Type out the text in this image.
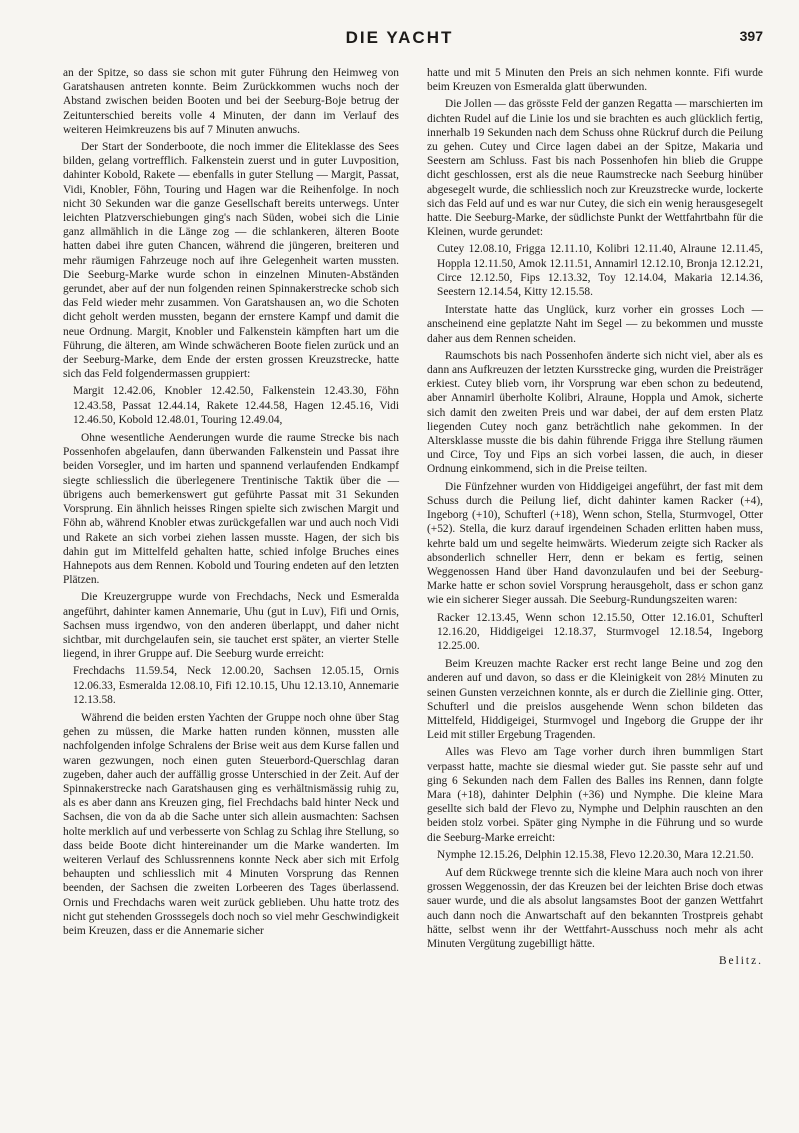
DIE YACHT	397

an der Spitze, so dass sie schon mit guter Führung den Heimweg von Garatshausen antreten konnte. Beim Zurückkommen wuchs noch der Abstand zwischen beiden Booten und bei der Seeburg-Boje betrug der Zeitunterschied bereits volle 4 Minuten, der dann im Verlauf des weiteren Heimkreuzens bis auf 7 Minuten anwuchs.

Der Start der Sonderboote, die noch immer die Eliteklasse des Sees bilden, gelang vortrefflich. Falkenstein zuerst und in guter Luvposition, dahinter Kobold, Rakete — ebenfalls in guter Stellung — Margit, Passat, Vidi, Knobler, Föhn, Touring und Hagen war die Reihenfolge. In noch nicht 30 Sekunden war die ganze Gesellschaft bereits unterwegs. Unter leichten Platzverschiebungen ging's nach Süden, wobei sich die Linie ganz allmählich in die Länge zog — die schlankeren, älteren Boote hatten dabei ihre guten Chancen, während die jüngeren, breiteren und mehr räumigen Fahrzeuge noch auf ihre Gelegenheit warten mussten. Die Seeburg-Marke wurde schon in einzelnen Minuten-Abständen gerundet, aber auf der nun folgenden reinen Spinnakerstrecke schob sich das Feld wieder mehr zusammen. Von Garatshausen an, wo die Schoten dicht geholt werden mussten, begann der ernstere Kampf und damit die neue Ordnung. Margit, Knobler und Falkenstein kämpften hart um die Führung, die älteren, am Winde schwächeren Boote fielen zurück und an der Seeburg-Marke, dem Ende der ersten grossen Kreuzstrecke, hatte sich das Feld folgendermassen gruppiert:

Margit 12.42.06, Knobler 12.42.50, Falkenstein 12.43.30, Föhn 12.43.58, Passat 12.44.14, Rakete 12.44.58, Hagen 12.45.16, Vidi 12.46.50, Kobold 12.48.01, Touring 12.49.04,

Ohne wesentliche Aenderungen wurde die raume Strecke bis nach Possenhofen abgelaufen, dann überwanden Falkenstein und Passat ihre beiden Vorsegler, und im harten und spannend verlaufenden Endkampf siegte schliesslich die überlegenere Trentinische Taktik über die — übrigens auch bemerkenswert gut geführte Passat mit 31 Sekunden Vorsprung. Ein ähnlich heisses Ringen spielte sich zwischen Margit und Föhn ab, während Knobler etwas zurückgefallen war und auch noch Vidi und Rakete an sich vorbei ziehen lassen musste. Hagen, der sich bis dahin gut im Mittelfeld gehalten hatte, schied infolge Bruches eines Hahnepots aus dem Rennen. Kobold und Touring endeten auf den letzten Plätzen.

Die Kreuzergruppe wurde von Frechdachs, Neck und Esmeralda angeführt, dahinter kamen Annemarie, Uhu (gut in Luv), Fifi und Ornis, Sachsen muss irgendwo, von den anderen überlappt, und daher nicht sichtbar, mit durchgelaufen sein, sie tauchet erst später, an vierter Stelle liegend, in ihrer Gruppe auf. Die Seeburg wurde erreicht:

Frechdachs 11.59.54, Neck 12.00.20, Sachsen 12.05.15, Ornis 12.06.33, Esmeralda 12.08.10, Fifi 12.10.15, Uhu 12.13.10, Annemarie 12.13.58.

Während die beiden ersten Yachten der Gruppe noch ohne über Stag gehen zu müssen, die Marke hatten runden können, mussten alle nachfolgenden infolge Schralens der Brise weit aus dem Kurse fallen und waren gezwungen, noch einen guten Steuerbord-Querschlag daran zugeben, daher auch der auffällig grosse Unterschied in der Zeit. Auf der Spinnakerstrecke nach Garatshausen ging es verhältnismässig ruhig zu, als es aber dann ans Kreuzen ging, fiel Frechdachs bald hinter Neck und Sachsen, die von da ab die Sache unter sich allein ausmachten: Sachsen holte merklich auf und verbesserte von Schlag zu Schlag ihre Stellung, so dass beide Boote dicht hintereinander um die Marke wanderten. Im weiteren Verlauf des Schlussrennens konnte Neck aber sich mit Erfolg behaupten und schliesslich mit 4 Minuten Vorsprung das Rennen beenden, der Sachsen die zweiten Lorbeeren des Tages überlassend. Ornis und Frechdachs waren weit zurück geblieben. Uhu hatte trotz des nicht gut stehenden Grosssegels doch noch so viel mehr Geschwindigkeit beim Kreuzen, dass er die Annemarie sicher

hatte und mit 5 Minuten den Preis an sich nehmen konnte. Fifi wurde beim Kreuzen von Esmeralda glatt überwunden.

Die Jollen — das grösste Feld der ganzen Regatta — marschierten im dichten Rudel auf die Linie los und sie brachten es auch glücklich fertig, innerhalb 19 Sekunden nach dem Schuss ohne Rückruf durch die Peilung zu gehen. Cutey und Circe lagen dabei an der Spitze, Makaria und Seestern am Schluss. Fast bis nach Possenhofen hin blieb die Gruppe dicht geschlossen, erst als die neue Raumstrecke nach Seeburg hinüber abgesegelt wurde, die schliesslich noch zur Kreuzstrecke wurde, lockerte sich das Feld auf und es war nur Cutey, die sich ein wenig herausgesegelt hatte. Die Seeburg-Marke, der südlichste Punkt der Wettfahrtbahn für die Kleinen, wurde gerundet:

Cutey 12.08.10, Frigga 12.11.10, Kolibri 12.11.40, Alraune 12.11.45, Hoppla 12.11.50, Amok 12.11.51, Annamirl 12.12.10, Bronja 12.12.21, Circe 12.12.50, Fips 12.13.32, Toy 12.14.04, Makaria 12.14.36, Seestern 12.14.54, Kitty 12.15.58.

Interstate hatte das Unglück, kurz vorher ein grosses Loch — anscheinend eine geplatzte Naht im Segel — zu bekommen und musste daher aus dem Rennen scheiden.

Raumschots bis nach Possenhofen änderte sich nicht viel, aber als es dann ans Aufkreuzen der letzten Kursstrecke ging, wurden die Preisträger erkiest. Cutey blieb vorn, ihr Vorsprung war eben schon zu bedeutend, aber Annamirl überholte Kolibri, Alraune, Hoppla und Amok, sicherte sich damit den zweiten Preis und war dabei, der auf dem ersten Platz liegenden Cutey noch ganz beträchtlich nahe gekommen. In der Altersklasse musste die bis dahin führende Frigga ihre Stellung räumen und Circe, Toy und Fips an sich vorbei lassen, die auch, in dieser Ordnung einkommend, sich in die Preise teilten.

Die Fünfzehner wurden von Hiddigeigei angeführt, der fast mit dem Schuss durch die Peilung lief, dicht dahinter kamen Racker (+4), Ingeborg (+10), Schufterl (+18), Wenn schon, Stella, Sturmvogel, Otter (+52). Stella, die kurz darauf irgendeinen Schaden erlitten haben muss, kehrte bald um und segelte heimwärts. Wiederum zeigte sich Racker als absonderlich schneller Herr, denn er bekam es fertig, seinen Weggenossen Hand über Hand davonzulaufen und bei der Seeburg-Marke hatte er schon soviel Vorsprung herausgeholt, dass er schon ganz wie ein sicherer Sieger aussah. Die Seeburg-Rundungszeiten waren:

Racker 12.13.45, Wenn schon 12.15.50, Otter 12.16.01, Schufterl 12.16.20, Hiddigeigei 12.18.37, Sturmvogel 12.18.54, Ingeborg 12.25.00.

Beim Kreuzen machte Racker erst recht lange Beine und zog den anderen auf und davon, so dass er die Kleinigkeit von 28½ Minuten zu seinen Gunsten verzeichnen konnte, als er durch die Ziellinie ging. Otter, Schufterl und die preislos ausgehende Wenn schon bildeten das Mittelfeld, Hiddigeigei, Sturmvogel und Ingeborg die Gruppe der ihr Leid mit stiller Ergebung Tragenden.

Alles was Flevo am Tage vorher durch ihren bummligen Start verpasst hatte, machte sie diesmal wieder gut. Sie passte sehr auf und ging 6 Sekunden nach dem Fallen des Balles ins Rennen, dann folgte Mara (+18), dahinter Delphin (+36) und Nymphe. Die kleine Mara gesellte sich bald der Flevo zu, Nymphe und Delphin rauschten an den beiden stolz vorbei. Später ging Nymphe in die Führung und so wurde die Seeburg-Marke erreicht:

Nymphe 12.15.26, Delphin 12.15.38, Flevo 12.20.30, Mara 12.21.50.

Auf dem Rückwege trennte sich die kleine Mara auch noch von ihrer grossen Weggenossin, der das Kreuzen bei der leichten Brise doch etwas sauer wurde, und die als absolut langsamstes Boot der ganzen Wettfahrt auch dann noch die Anwartschaft auf den bekannten Trostpreis gehabt hätte, selbst wenn ihr der Wettfahrt-Ausschuss noch mehr als acht Minuten Vergütung zugebilligt hätte.

Belitz.
